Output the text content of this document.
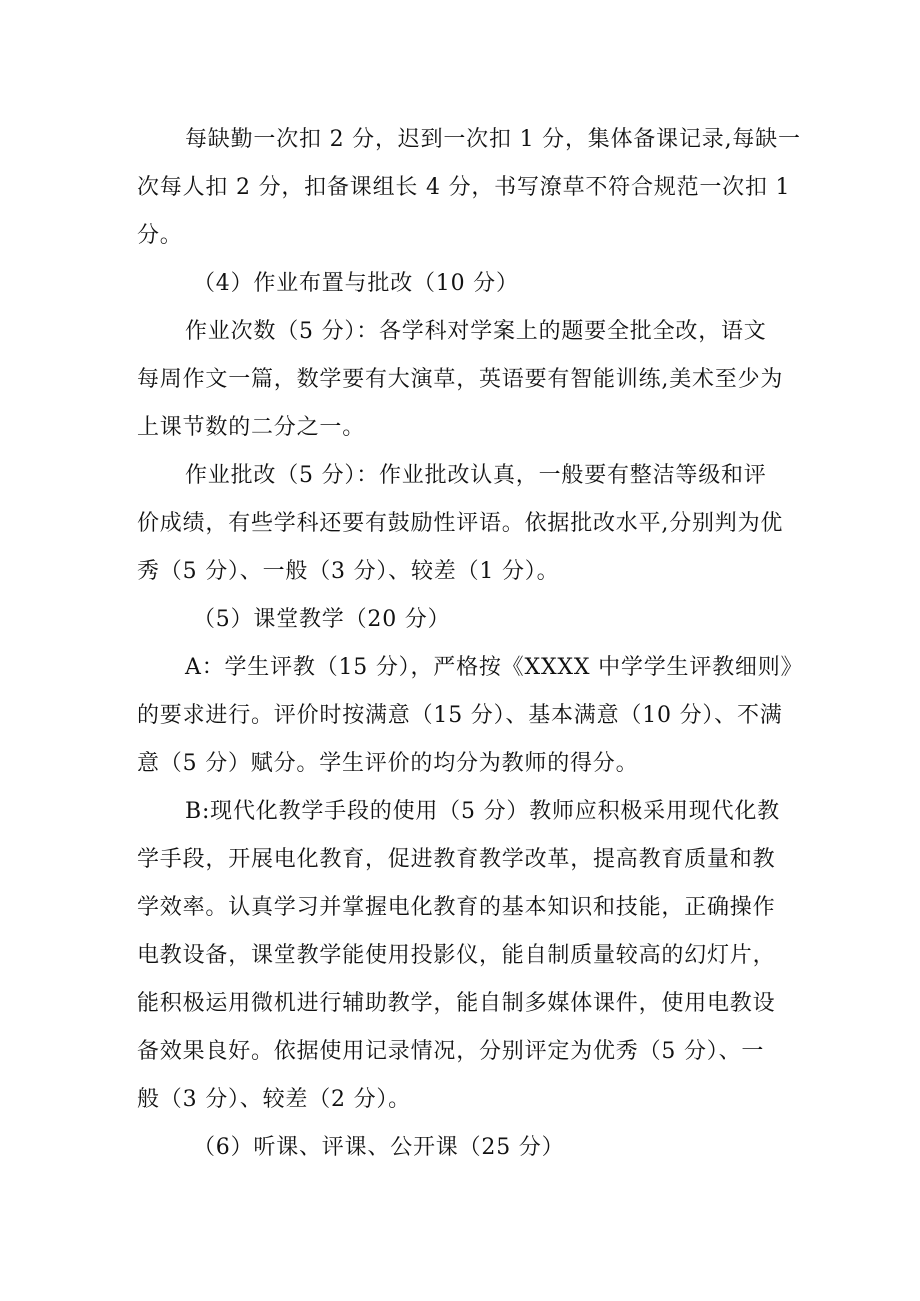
每缺勤一次扣 2 分，迟到一次扣 1 分，集体备课记录,每缺一
次每人扣 2 分，扣备课组长 4 分，书写潦草不符合规范一次扣 1
分。
（4）作业布置与批改（10 分）
作业次数（5 分）：各学科对学案上的题要全批全改，语文
每周作文一篇，数学要有大演草，英语要有智能训练,美术至少为
上课节数的二分之一。
作业批改（5 分）：作业批改认真，一般要有整洁等级和评
价成绩，有些学科还要有鼓励性评语。依据批改水平,分别判为优
秀（5 分）、一般（3 分）、较差（1 分）。
（5）课堂教学（20 分）
A：学生评教（15 分），严格按《XXXX 中学学生评教细则》
的要求进行。评价时按满意（15 分）、基本满意（10 分）、不满
意（5 分）赋分。学生评价的均分为教师的得分。
B:现代化教学手段的使用（5 分）教师应积极采用现代化教
学手段，开展电化教育，促进教育教学改革，提高教育质量和教
学效率。认真学习并掌握电化教育的基本知识和技能，正确操作
电教设备，课堂教学能使用投影仪，能自制质量较高的幻灯片，
能积极运用微机进行辅助教学，能自制多媒体课件，使用电教设
备效果良好。依据使用记录情况，分别评定为优秀（5 分）、一
般（3 分）、较差（2 分）。
（6）听课、评课、公开课（25 分）
